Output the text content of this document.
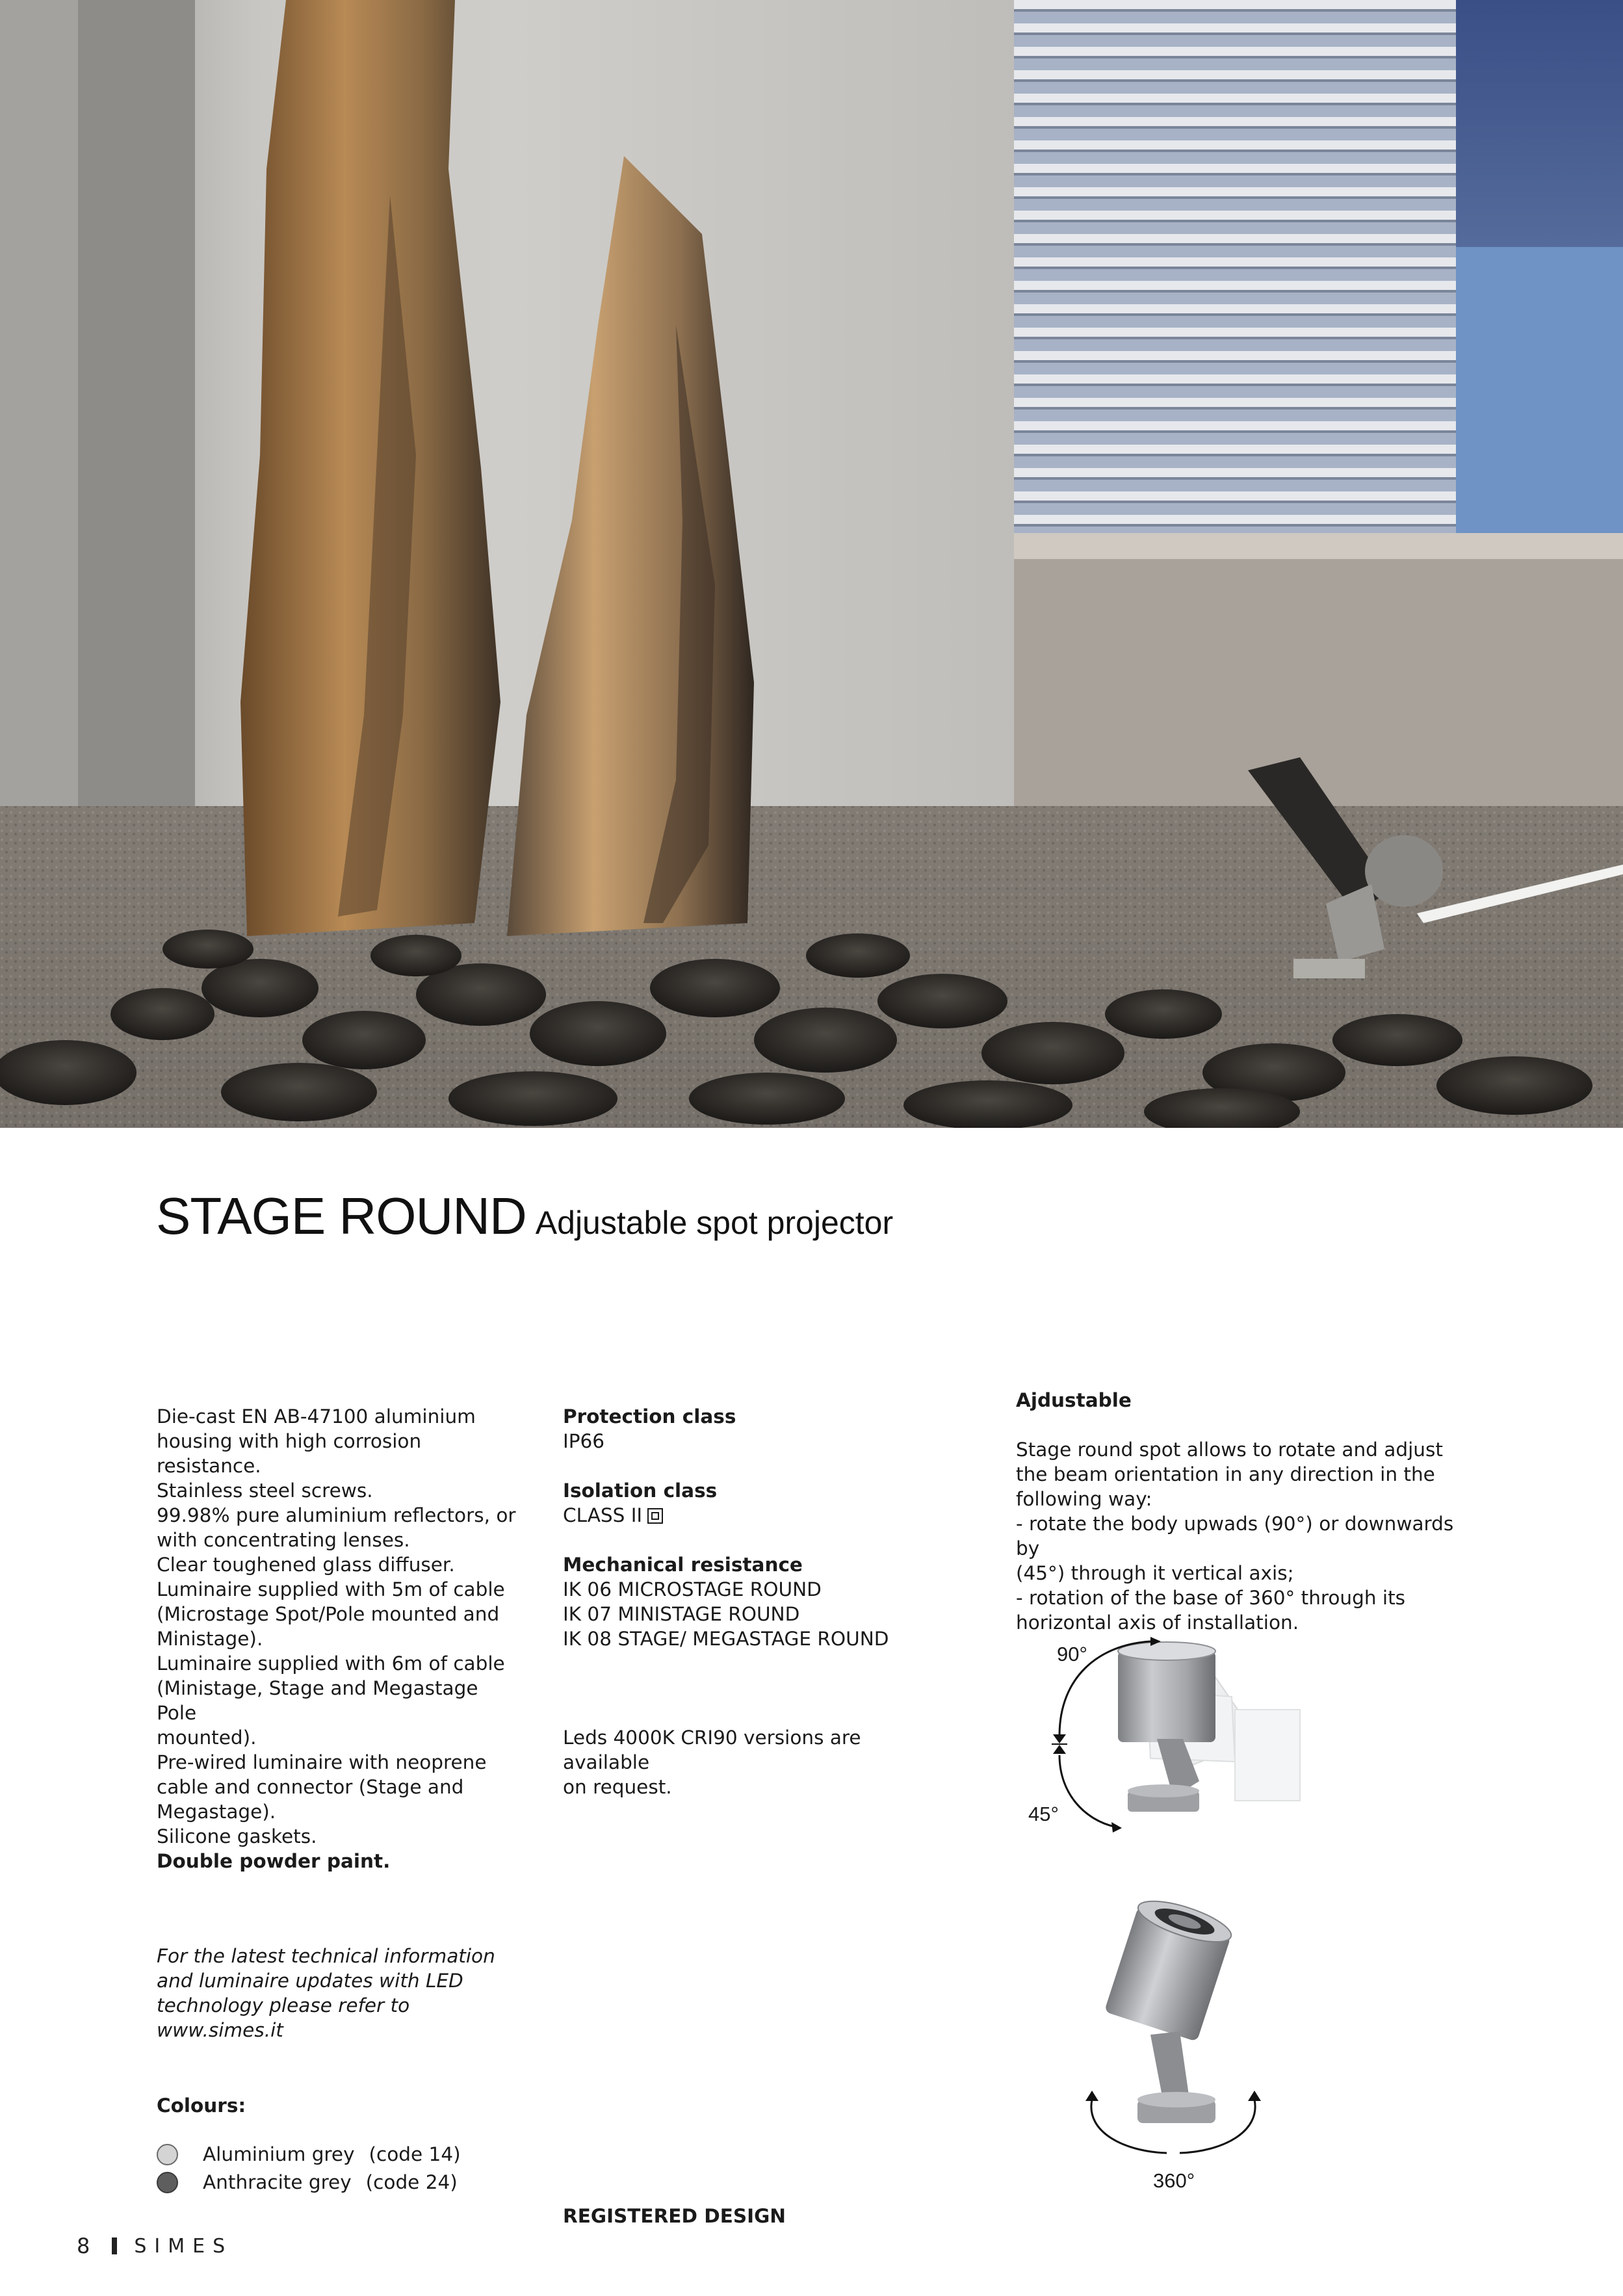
STAGE ROUND Adjustable spot projector

Die-cast EN AB-47100 aluminium

housing with high corrosion resistance.

Stainless steel screws.

99.98% pure aluminium reflectors, or

with concentrating lenses.

Clear toughened glass diffuser.

Luminaire supplied with 5m of cable

(Microstage Spot/Pole mounted and

Ministage).

Luminaire supplied with 6m of cable

(Ministage, Stage and Megastage Pole

mounted).

Pre-wired luminaire with neoprene

cable and connector (Stage and

Megastage).

Silicone gaskets.

Double powder paint.

Protection class

IP66

Isolation class

CLASS II

Mechanical resistance

IK 06 MICROSTAGE ROUND

IK 07 MINISTAGE ROUND

IK 08 STAGE/ MEGASTAGE ROUND

Leds 4000K CRI90 versions are available

on request.

Ajdustable

Stage round spot allows to rotate and adjust

the beam orientation in any direction in the

following way:

- rotate the body upwads (90°) or downwards by

(45°) through it vertical axis;

- rotation of the base of 360° through its

horizontal axis of installation.

90°
45°
360°

For the latest technical information

and luminaire updates with LED

technology please refer to

www.simes.it

Colours:
Aluminium grey (code 14)
Anthracite grey (code 24)
REGISTERED DESIGN
8 SIMES
